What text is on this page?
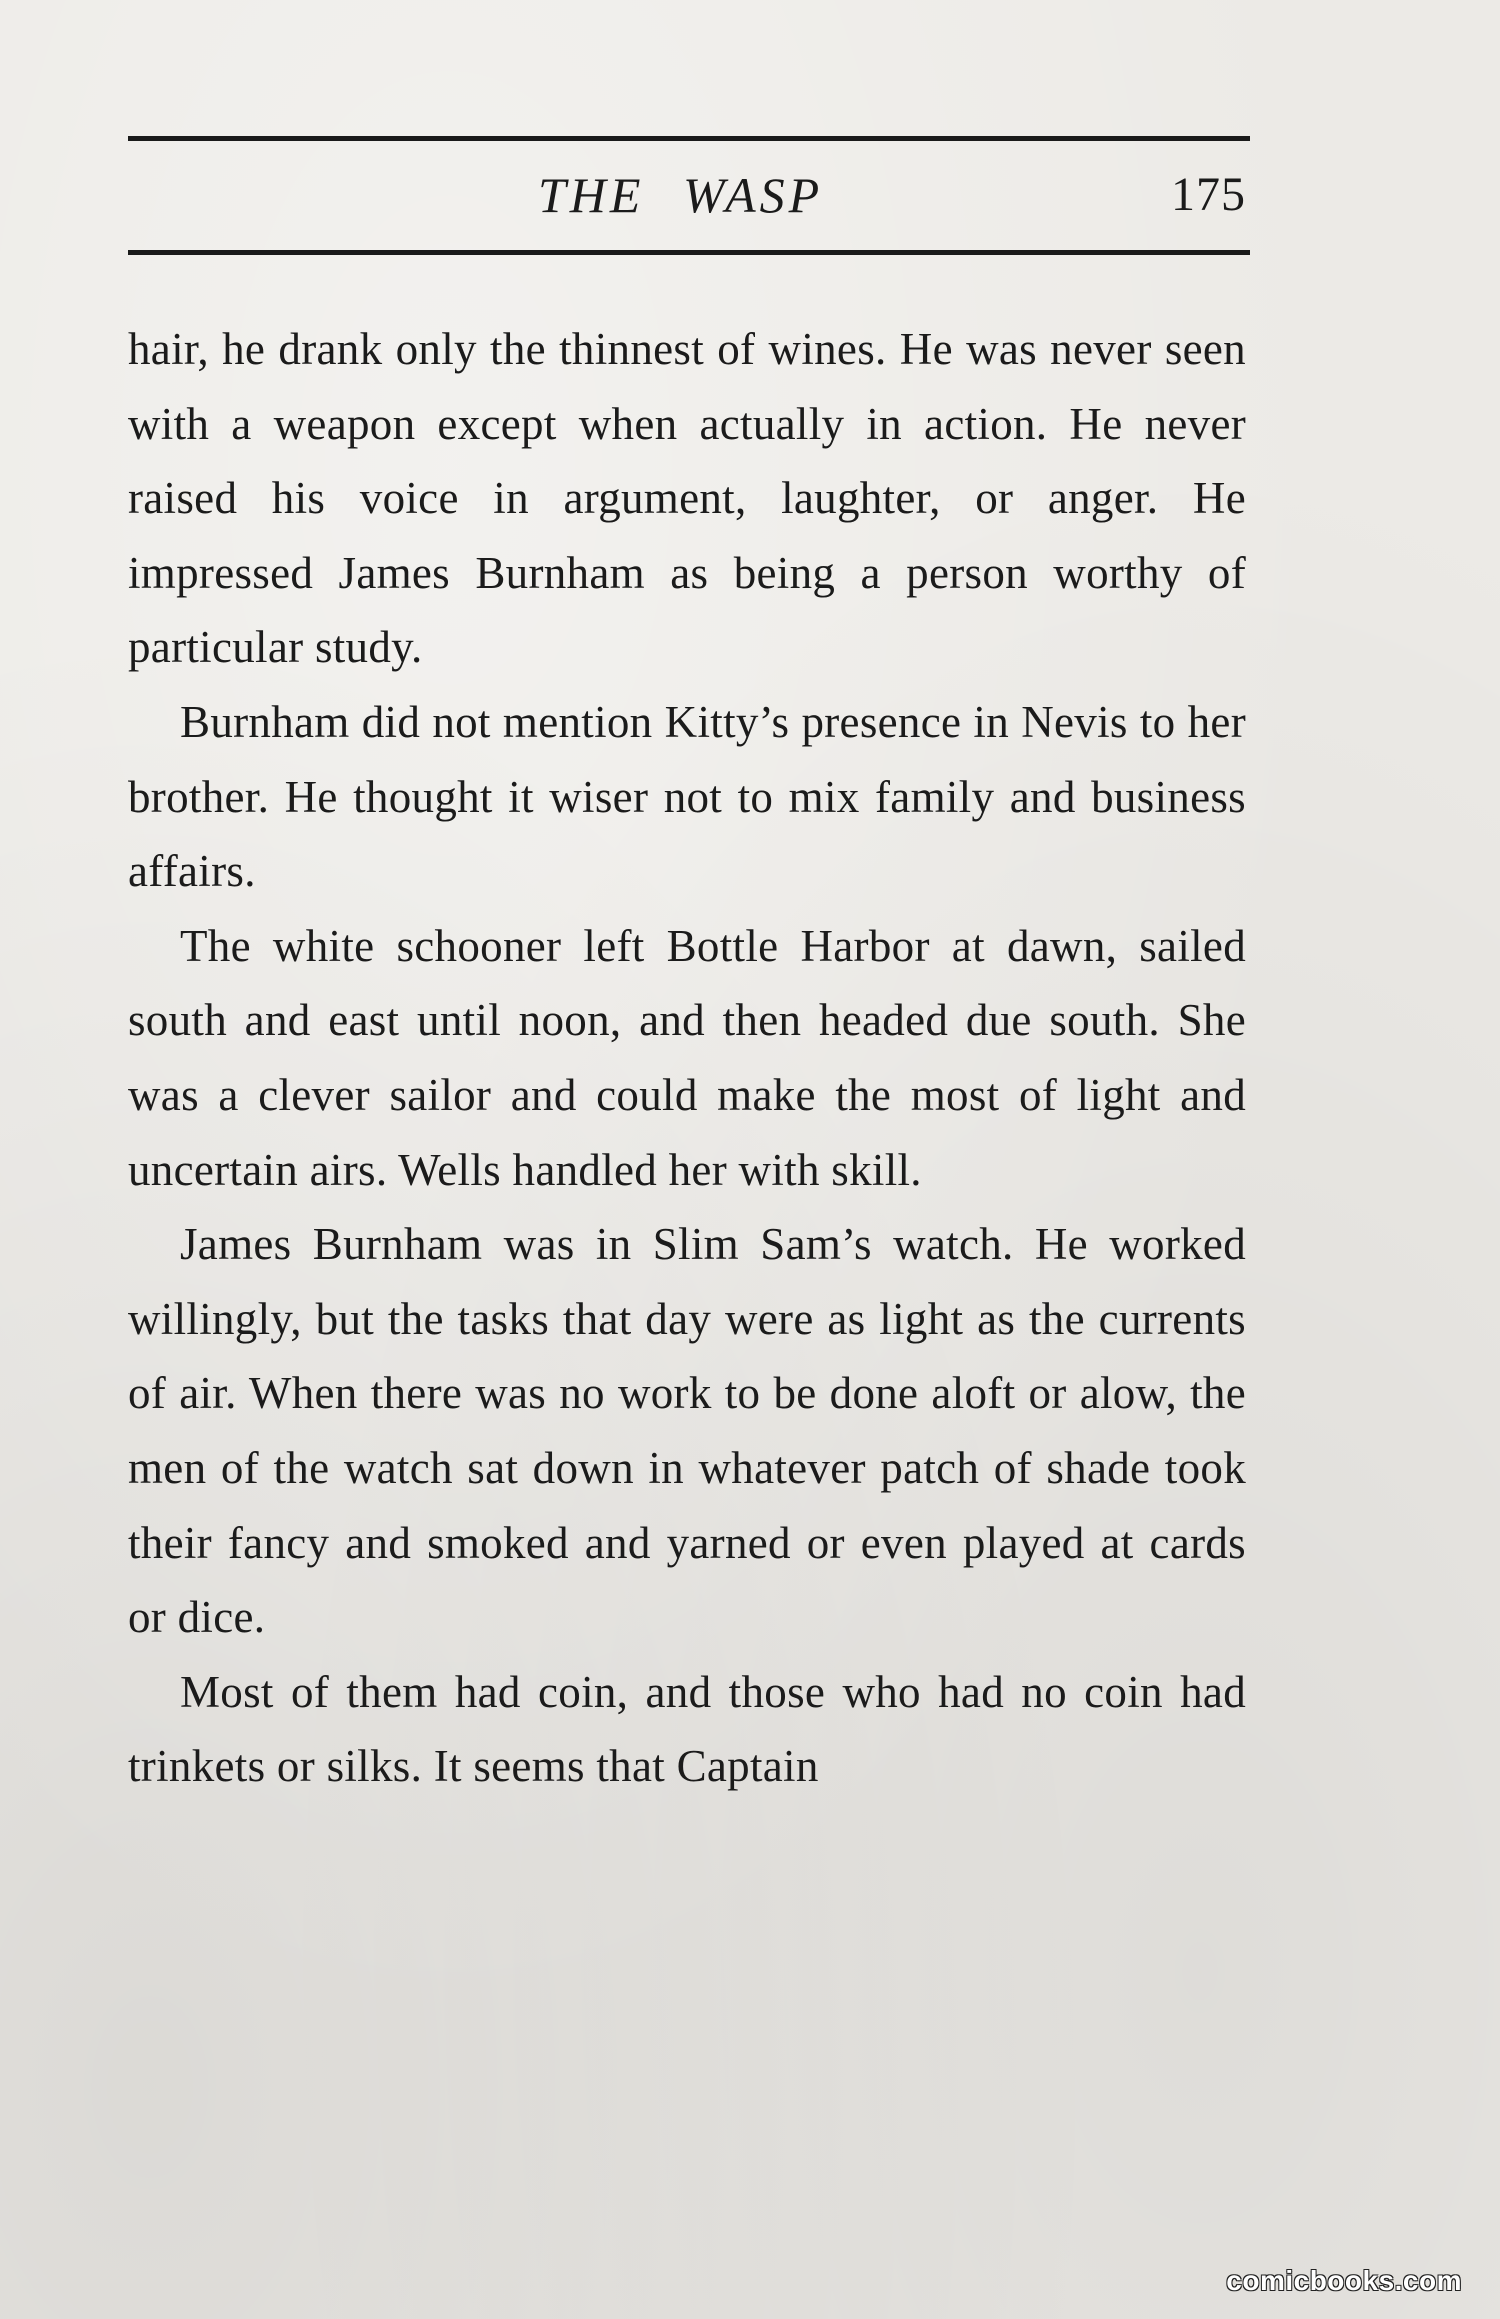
THE WASP	175

hair, he drank only the thinnest of wines. He was never seen with a weapon except when actually in action. He never raised his voice in argument, laughter, or anger. He impressed James Burnham as being a person worthy of particular study.

Burnham did not mention Kitty’s presence in Nevis to her brother. He thought it wiser not to mix family and business affairs.

The white schooner left Bottle Harbor at dawn, sailed south and east until noon, and then headed due south. She was a clever sailor and could make the most of light and uncertain airs. Wells handled her with skill.

James Burnham was in Slim Sam’s watch. He worked willingly, but the tasks that day were as light as the currents of air. When there was no work to be done aloft or alow, the men of the watch sat down in whatever patch of shade took their fancy and smoked and yarned or even played at cards or dice.

Most of them had coin, and those who had no coin had trinkets or silks. It seems that Captain

comicbooks.com
